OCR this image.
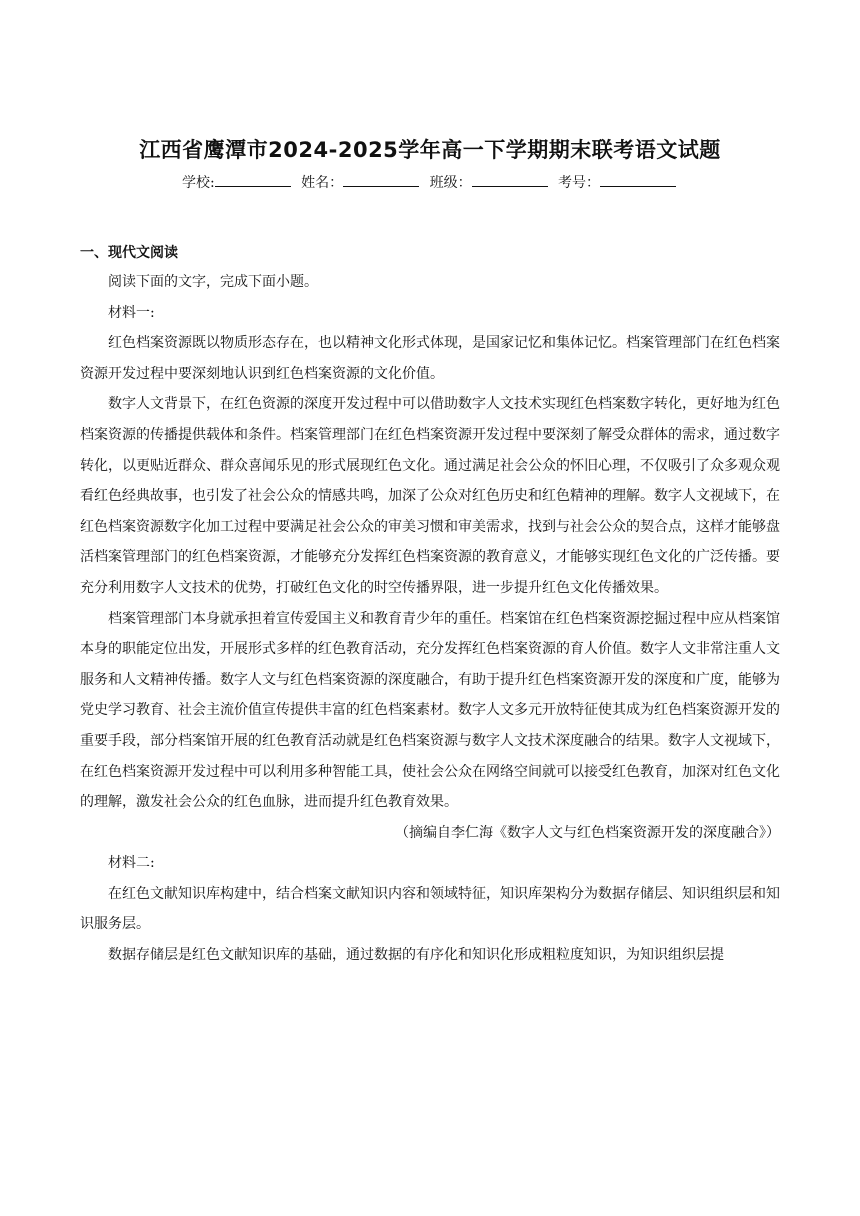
江西省鹰潭市2024-2025学年高一下学期期末联考语文试题
学校:	姓名：	班级：	考号：
一、现代文阅读

阅读下面的文字，完成下面小题。

材料一:

红色档案资源既以物质形态存在，也以精神文化形式体现，是国家记忆和集体记忆。档案管理部门在红色档案资源开发过程中要深刻地认识到红色档案资源的文化价值。

数字人文背景下，在红色资源的深度开发过程中可以借助数字人文技术实现红色档案数字转化，更好地为红色档案资源的传播提供载体和条件。档案管理部门在红色档案资源开发过程中要深刻了解受众群体的需求，通过数字转化，以更贴近群众、群众喜闻乐见的形式展现红色文化。通过满足社会公众的怀旧心理，不仅吸引了众多观众观看红色经典故事，也引发了社会公众的情感共鸣，加深了公众对红色历史和红色精神的理解。数字人文视域下，在红色档案资源数字化加工过程中要满足社会公众的审美习惯和审美需求，找到与社会公众的契合点，这样才能够盘活档案管理部门的红色档案资源，才能够充分发挥红色档案资源的教育意义，才能够实现红色文化的广泛传播。要充分利用数字人文技术的优势，打破红色文化的时空传播界限，进一步提升红色文化传播效果。

档案管理部门本身就承担着宣传爱国主义和教育青少年的重任。档案馆在红色档案资源挖掘过程中应从档案馆本身的职能定位出发，开展形式多样的红色教育活动，充分发挥红色档案资源的育人价值。数字人文非常注重人文服务和人文精神传播。数字人文与红色档案资源的深度融合，有助于提升红色档案资源开发的深度和广度，能够为党史学习教育、社会主流价值宣传提供丰富的红色档案素材。数字人文多元开放特征使其成为红色档案资源开发的重要手段，部分档案馆开展的红色教育活动就是红色档案资源与数字人文技术深度融合的结果。数字人文视域下，在红色档案资源开发过程中可以利用多种智能工具，使社会公众在网络空间就可以接受红色教育，加深对红色文化的理解，激发社会公众的红色血脉，进而提升红色教育效果。

（摘编自李仁海《数字人文与红色档案资源开发的深度融合》）

材料二:

在红色文献知识库构建中，结合档案文献知识内容和领域特征，知识库架构分为数据存储层、知识组织层和知识服务层。

数据存储层是红色文献知识库的基础，通过数据的有序化和知识化形成粗粒度知识，为知识组织层提
